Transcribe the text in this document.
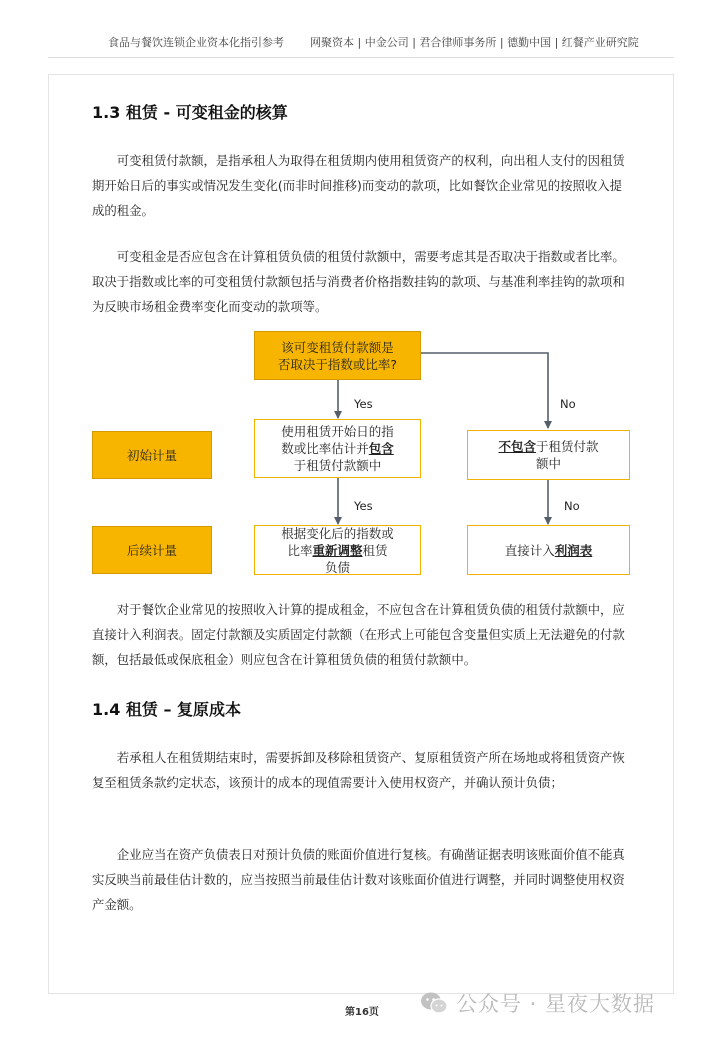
食品与餐饮连锁企业资本化指引参考 网聚资本 | 中金公司 | 君合律师事务所 | 德勤中国 | 红餐产业研究院
1.3 租赁 - 可变租金的核算

可变租赁付款额，是指承租人为取得在租赁期内使用租赁资产的权利，向出租人支付的因租赁期开始日后的事实或情况发生变化(而非时间推移)而变动的款项，比如餐饮企业常见的按照收入提成的租金。

可变租金是否应包含在计算租赁负债的租赁付款额中，需要考虑其是否取决于指数或者比率。取决于指数或比率的可变租赁付款额包括与消费者价格指数挂钩的款项、与基准利率挂钩的款项和为反映市场租金费率变化而变动的款项等。

该可变租赁付款额是
否取决于指数或比率?
Yes	No
初始计量
使用租赁开始日的指
数或比率估计并包含
于租赁付款额中
不包含于租赁付款
额中
Yes	No
后续计量
根据变化后的指数或
比率重新调整租赁
负债
直接计入利润表

对于餐饮企业常见的按照收入计算的提成租金，不应包含在计算租赁负债的租赁付款额中，应直接计入利润表。固定付款额及实质固定付款额（在形式上可能包含变量但实质上无法避免的付款额，包括最低或保底租金）则应包含在计算租赁负债的租赁付款额中。

1.4 租赁 – 复原成本

若承租人在租赁期结束时，需要拆卸及移除租赁资产、复原租赁资产所在场地或将租赁资产恢复至租赁条款约定状态，该预计的成本的现值需要计入使用权资产，并确认预计负债；

企业应当在资产负债表日对预计负债的账面价值进行复核。有确凿证据表明该账面价值不能真实反映当前最佳估计数的，应当按照当前最佳估计数对该账面价值进行调整，并同时调整使用权资产金额。

第16页	公众号 · 星夜大数据
